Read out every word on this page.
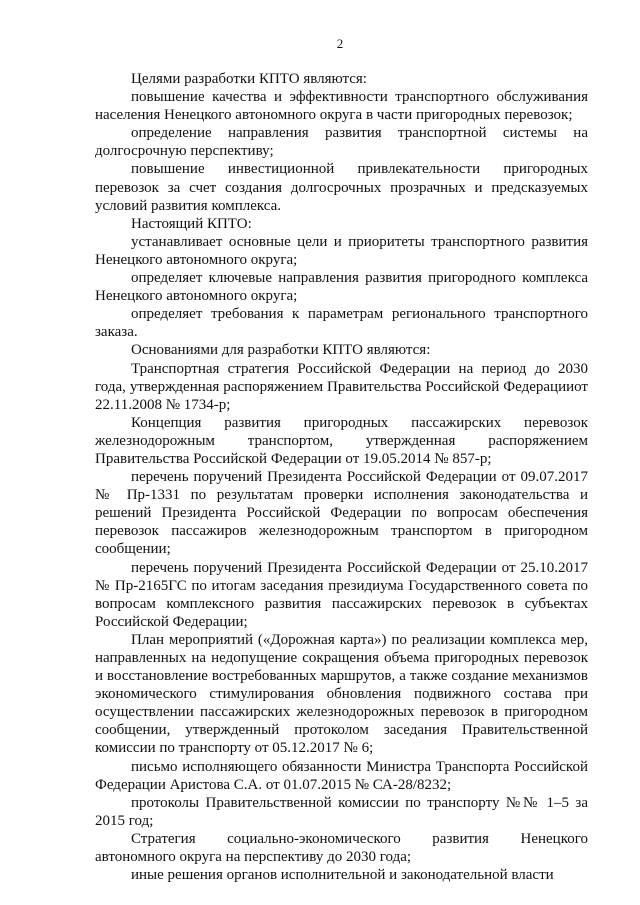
2

Целями разработки КПТО являются:

повышение качества и эффективности транспортного обслуживания населения Ненецкого автономного округа в части пригородных перевозок;

определение направления развития транспортной системы на долгосрочную перспективу;

повышение инвестиционной привлекательности пригородных перевозок за счет создания долгосрочных прозрачных и предсказуемых условий развития комплекса.

Настоящий КПТО:

устанавливает основные цели и приоритеты транспортного развития Ненецкого автономного округа;

определяет ключевые направления развития пригородного комплекса Ненецкого автономного округа;

определяет требования к параметрам регионального транспортного заказа.

Основаниями для разработки КПТО являются:

Транспортная стратегия Российской Федерации на период до 2030 года, утвержденная распоряжением Правительства Российской Федерацииот 22.11.2008 № 1734-р;

Концепция развития пригородных пассажирских перевозок железнодорожным транспортом, утвержденная распоряжением Правительства Российской Федерации от 19.05.2014 № 857-р;

перечень поручений Президента Российской Федерации от 09.07.2017 № Пр-1331 по результатам проверки исполнения законодательства и решений Президента Российской Федерации по вопросам обеспечения перевозок пассажиров железнодорожным транспортом в пригородном сообщении;

перечень поручений Президента Российской Федерации от 25.10.2017 № Пр-2165ГС по итогам заседания президиума Государственного совета по вопросам комплексного развития пассажирских перевозок в субъектах Российской Федерации;

План мероприятий («Дорожная карта») по реализации комплекса мер, направленных на недопущение сокращения объема пригородных перевозок и восстановление востребованных маршрутов, а также создание механизмов экономического стимулирования обновления подвижного состава при осуществлении пассажирских железнодорожных перевозок в пригородном сообщении, утвержденный протоколом заседания Правительственной комиссии по транспорту от 05.12.2017 № 6;

письмо исполняющего обязанности Министра Транспорта Российской Федерации Аристова С.А. от 01.07.2015 № СА-28/8232;

протоколы Правительственной комиссии по транспорту №№ 1–5 за 2015 год;

Стратегия социально-экономического развития Ненецкого автономного округа на перспективу до 2030 года;

иные решения органов исполнительной и законодательной власти
